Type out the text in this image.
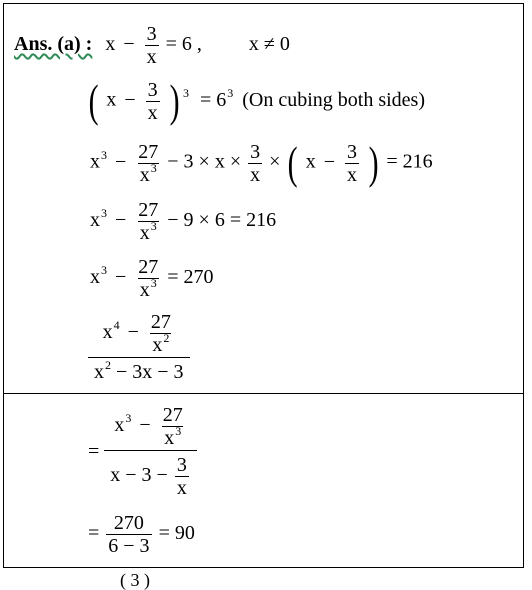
Ans. (a) : $x - \frac{3}{x} = 6$ , x ≠ 0
( $x - \frac{3}{x}$ ) $^3 = 6^3$ (On cubing both sides)
$x^3 - \frac{27}{x^3} - 3 \times x \times \frac{3}{x}$ × ( $x - \frac{3}{x}$ ) = 216
$x^3 - \frac{27}{x^3} - 9 \times 6 = 216$
$x^3 - \frac{27}{x^3} = 270$
$\frac{x^4 - \frac{27}{x^2}}{x^2 - 3x - 3}$
= $\frac{x^3 - \frac{27}{x^3}}{x - 3 - \frac{3}{x}}$
= $\frac{270}{6 - 3} = 90$
( 3 )
